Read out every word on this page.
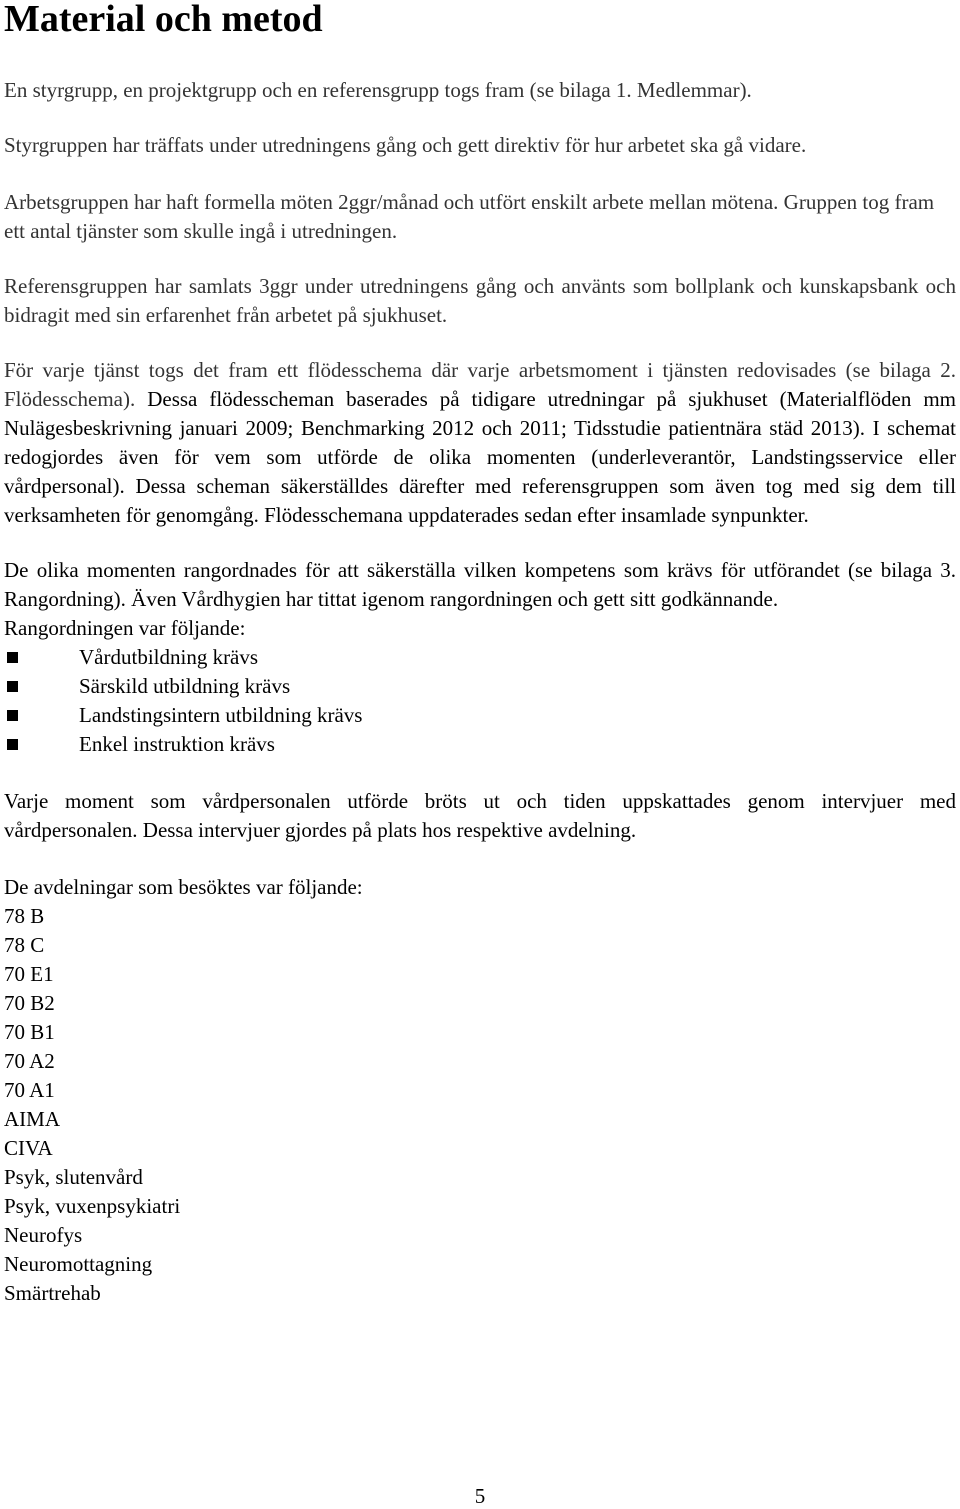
Material och metod

En styrgrupp, en projektgrupp och en referensgrupp togs fram (se bilaga 1. Medlemmar).

Styrgruppen har träffats under utredningens gång och gett direktiv för hur arbetet ska gå vidare.

Arbetsgruppen har haft formella möten 2ggr/månad och utfört enskilt arbete mellan mötena. Gruppen tog fram ett antal tjänster som skulle ingå i utredningen.

Referensgruppen har samlats 3ggr under utredningens gång och använts som bollplank och kunskapsbank och bidragit med sin erfarenhet från arbetet på sjukhuset.

För varje tjänst togs det fram ett flödesschema där varje arbetsmoment i tjänsten redovisades (se bilaga 2. Flödesschema). Dessa flödesscheman baserades på tidigare utredningar på sjukhuset (Materialflöden mm Nulägesbeskrivning januari 2009; Benchmarking 2012 och 2011; Tidsstudie patientnära städ 2013). I schemat redogjordes även för vem som utförde de olika momenten (underleverantör, Landstingsservice eller vårdpersonal). Dessa scheman säkerställdes därefter med referensgruppen som även tog med sig dem till verksamheten för genomgång. Flödesschemana uppdaterades sedan efter insamlade synpunkter.

De olika momenten rangordnades för att säkerställa vilken kompetens som krävs för utförandet (se bilaga 3. Rangordning). Även Vårdhygien har tittat igenom rangordningen och gett sitt godkännande.

Rangordningen var följande:

Vårdutbildning krävs
Särskild utbildning krävs
Landstingsintern utbildning krävs
Enkel instruktion krävs

Varje moment som vårdpersonalen utförde bröts ut och tiden uppskattades genom intervjuer med vårdpersonalen. Dessa intervjuer gjordes på plats hos respektive avdelning.

De avdelningar som besöktes var följande:

78 B
78 C
70 E1
70 B2
70 B1
70 A2
70 A1
AIMA
CIVA
Psyk, slutenvård
Psyk, vuxenpsykiatri
Neurofys
Neuromottagning
Smärtrehab
5
